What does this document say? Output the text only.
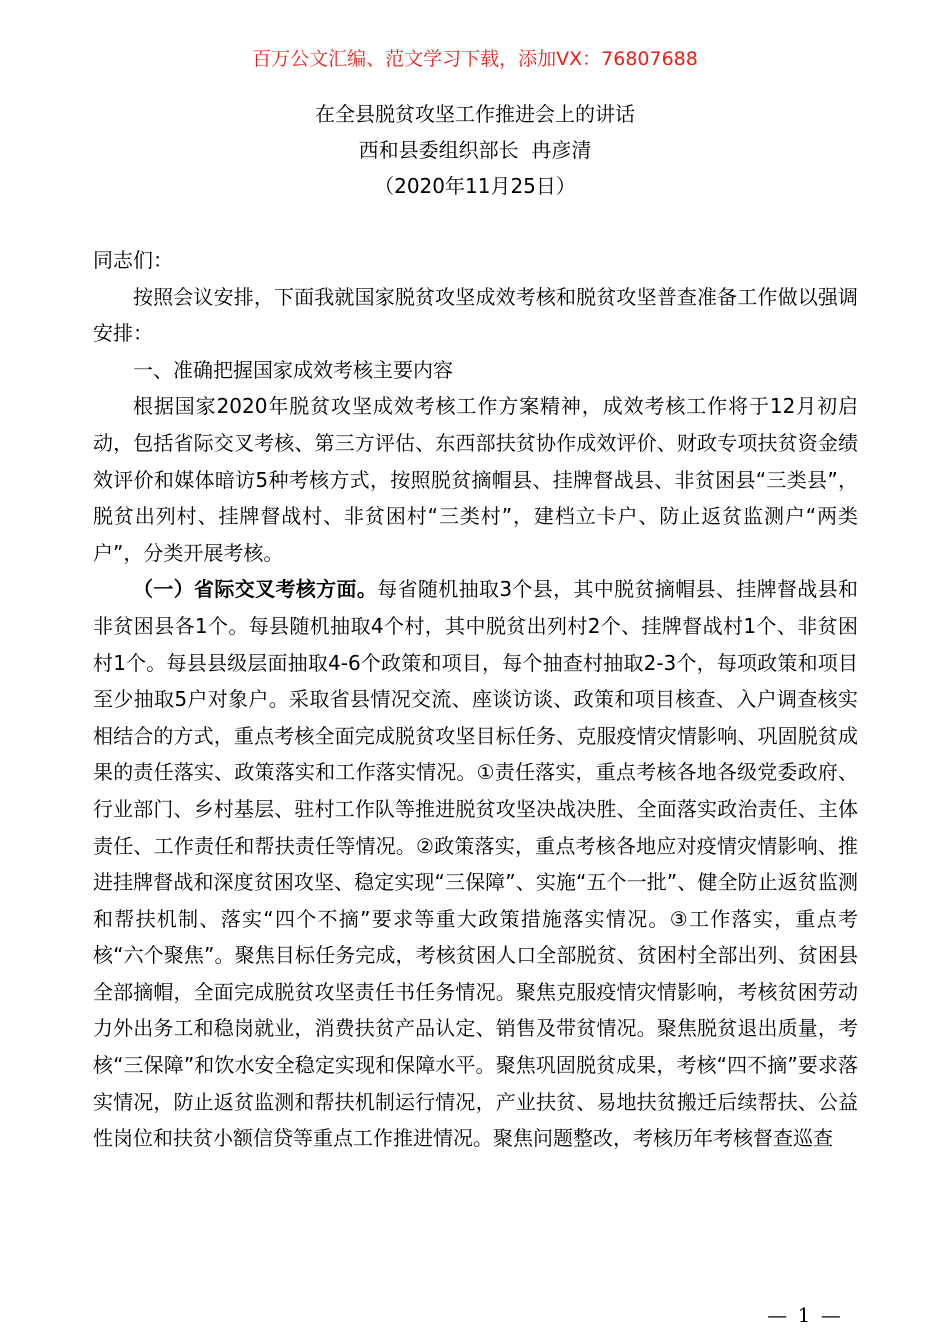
百万公文汇编、范文学习下载，添加VX：76807688
在全县脱贫攻坚工作推进会上的讲话
西和县委组织部长  冉彦清
（2020年11月25日）

同志们：

按照会议安排，下面我就国家脱贫攻坚成效考核和脱贫攻坚普查准备工作做以强调安排：

一、准确把握国家成效考核主要内容

根据国家2020年脱贫攻坚成效考核工作方案精神，成效考核工作将于12月初启动，包括省际交叉考核、第三方评估、东西部扶贫协作成效评价、财政专项扶贫资金绩效评价和媒体暗访5种考核方式，按照脱贫摘帽县、挂牌督战县、非贫困县“三类县”，脱贫出列村、挂牌督战村、非贫困村“三类村”，建档立卡户、防止返贫监测户“两类户”，分类开展考核。

（一）省际交叉考核方面。每省随机抽取3个县，其中脱贫摘帽县、挂牌督战县和非贫困县各1个。每县随机抽取4个村，其中脱贫出列村2个、挂牌督战村1个、非贫困村1个。每县县级层面抽取4-6个政策和项目，每个抽查村抽取2-3个，每项政策和项目至少抽取5户对象户。采取省县情况交流、座谈访谈、政策和项目核查、入户调查核实相结合的方式，重点考核全面完成脱贫攻坚目标任务、克服疫情灾情影响、巩固脱贫成果的责任落实、政策落实和工作落实情况。①责任落实，重点考核各地各级党委政府、行业部门、乡村基层、驻村工作队等推进脱贫攻坚决战决胜、全面落实政治责任、主体责任、工作责任和帮扶责任等情况。②政策落实，重点考核各地应对疫情灾情影响、推进挂牌督战和深度贫困攻坚、稳定实现“三保障”、实施“五个一批”、健全防止返贫监测和帮扶机制、落实“四个不摘”要求等重大政策措施落实情况。③工作落实，重点考核“六个聚焦”。聚焦目标任务完成，考核贫困人口全部脱贫、贫困村全部出列、贫困县全部摘帽，全面完成脱贫攻坚责任书任务情况。聚焦克服疫情灾情影响，考核贫困劳动力外出务工和稳岗就业，消费扶贫产品认定、销售及带贫情况。聚焦脱贫退出质量，考核“三保障”和饮水安全稳定实现和保障水平。聚焦巩固脱贫成果，考核“四不摘”要求落实情况，防止返贫监测和帮扶机制运行情况，产业扶贫、易地扶贫搬迁后续帮扶、公益性岗位和扶贫小额信贷等重点工作推进情况。聚焦问题整改，考核历年考核督查巡查

— 1 —
